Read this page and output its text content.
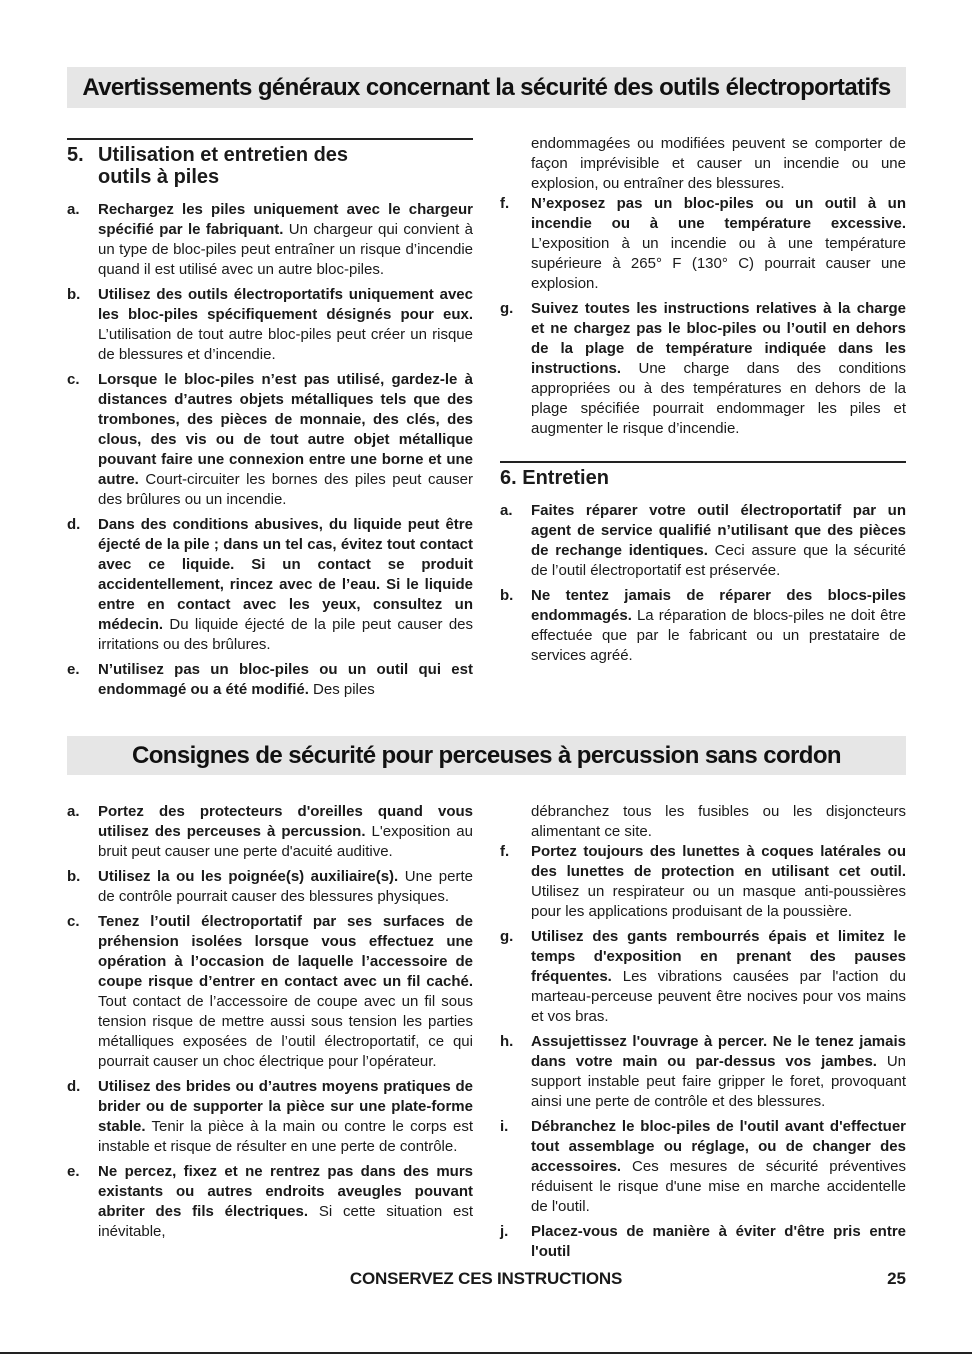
Avertissements généraux concernant la sécurité des outils électroportatifs
5. Utilisation et entretien des
outils à piles
a.	Rechargez les piles uniquement avec le chargeur spécifié par le fabriquant. Un chargeur qui convient à un type de bloc-piles peut entraîner un risque d’incendie quand il est utilisé avec un autre bloc-piles.

b.	Utilisez des outils électroportatifs uniquement avec les bloc-piles spécifiquement désignés pour eux. L’utilisation de tout autre bloc-piles peut créer un risque de blessures et d’incendie.

c.	Lorsque le bloc-piles n’est pas utilisé, gardez-le à distances d’autres objets métalliques tels que des trombones, des pièces de monnaie, des clés, des clous, des vis ou de tout autre objet métallique pouvant faire une connexion entre une borne et une autre. Court-circuiter les bornes des piles peut causer des brûlures ou un incendie.

d.	Dans des conditions abusives, du liquide peut être éjecté de la pile ; dans un tel cas, évitez tout contact avec ce liquide. Si un contact se produit accidentellement, rincez avec de l’eau. Si le liquide entre en contact avec les yeux, consultez un médecin. Du liquide éjecté de la pile peut causer des irritations ou des brûlures.

e.	N’utilisez pas un bloc-piles ou un outil qui est endommagé ou a été modifié. Des piles

endommagées ou modifiées peuvent se comporter de façon imprévisible et causer un incendie ou une explosion, ou entraîner des blessures.

f.	N’exposez pas un bloc-piles ou un outil à un incendie ou à une température excessive. L’exposition à un incendie ou à une température supérieure à 265° F (130° C) pourrait causer une explosion.

g.	Suivez toutes les instructions relatives à la charge et ne chargez pas le bloc-piles ou l’outil en dehors de la plage de température indiquée dans les instructions. Une charge dans des conditions appropriées ou à des températures en dehors de la plage spécifiée pourrait endommager les piles et augmenter le risque d’incendie.

6. Entretien
a.	Faites réparer votre outil électroportatif par un agent de service qualifié n’utilisant que des pièces de rechange identiques. Ceci assure que la sécurité de l’outil électroportatif est préservée.

b.	Ne tentez jamais de réparer des blocs-piles endommagés. La réparation de blocs-piles ne doit être effectuée que par le fabricant ou un prestataire de services agréé.

Consignes de sécurité pour perceuses à percussion sans cordon
a.	Portez des protecteurs d'oreilles quand vous utilisez des perceuses à percussion. L'exposition au bruit peut causer une perte d'acuité auditive.

b.	Utilisez la ou les poignée(s) auxiliaire(s). Une perte de contrôle pourrait causer des blessures physiques.

c.	Tenez l’outil électroportatif par ses surfaces de préhension isolées lorsque vous effectuez une opération à l’occasion de laquelle l’accessoire de coupe risque d’entrer en contact avec un fil caché. Tout contact de l’accessoire de coupe avec un fil sous tension risque de mettre aussi sous tension les parties métalliques exposées de l’outil électroportatif, ce qui pourrait causer un choc électrique pour l’opérateur.

d.	Utilisez des brides ou d’autres moyens pratiques de brider ou de supporter la pièce sur une plate-forme stable. Tenir la pièce à la main ou contre le corps est instable et risque de résulter en une perte de contrôle.

e.	Ne percez, fixez et ne rentrez pas dans des murs existants ou autres endroits aveugles pouvant abriter des fils électriques. Si cette situation est inévitable,

débranchez tous les fusibles ou les disjoncteurs alimentant ce site.

f.	Portez toujours des lunettes à coques latérales ou des lunettes de protection en utilisant cet outil. Utilisez un respirateur ou un masque anti-poussières pour les applications produisant de la poussière.

g.	Utilisez des gants rembourrés épais et limitez le temps d'exposition en prenant des pauses fréquentes. Les vibrations causées par l'action du marteau-perceuse peuvent être nocives pour vos mains et vos bras.

h.	Assujettissez l'ouvrage à percer. Ne le tenez jamais dans votre main ou par-dessus vos jambes. Un support instable peut faire gripper le foret, provoquant ainsi une perte de contrôle et des blessures.

i.	Débranchez le bloc-piles de l'outil avant d'effectuer tout assemblage ou réglage, ou de changer des accessoires. Ces mesures de sécurité préventives réduisent le risque d'une mise en marche accidentelle de l'outil.

j.	Placez-vous de manière à éviter d'être pris entre l'outil

CONSERVEZ CES INSTRUCTIONS	25
